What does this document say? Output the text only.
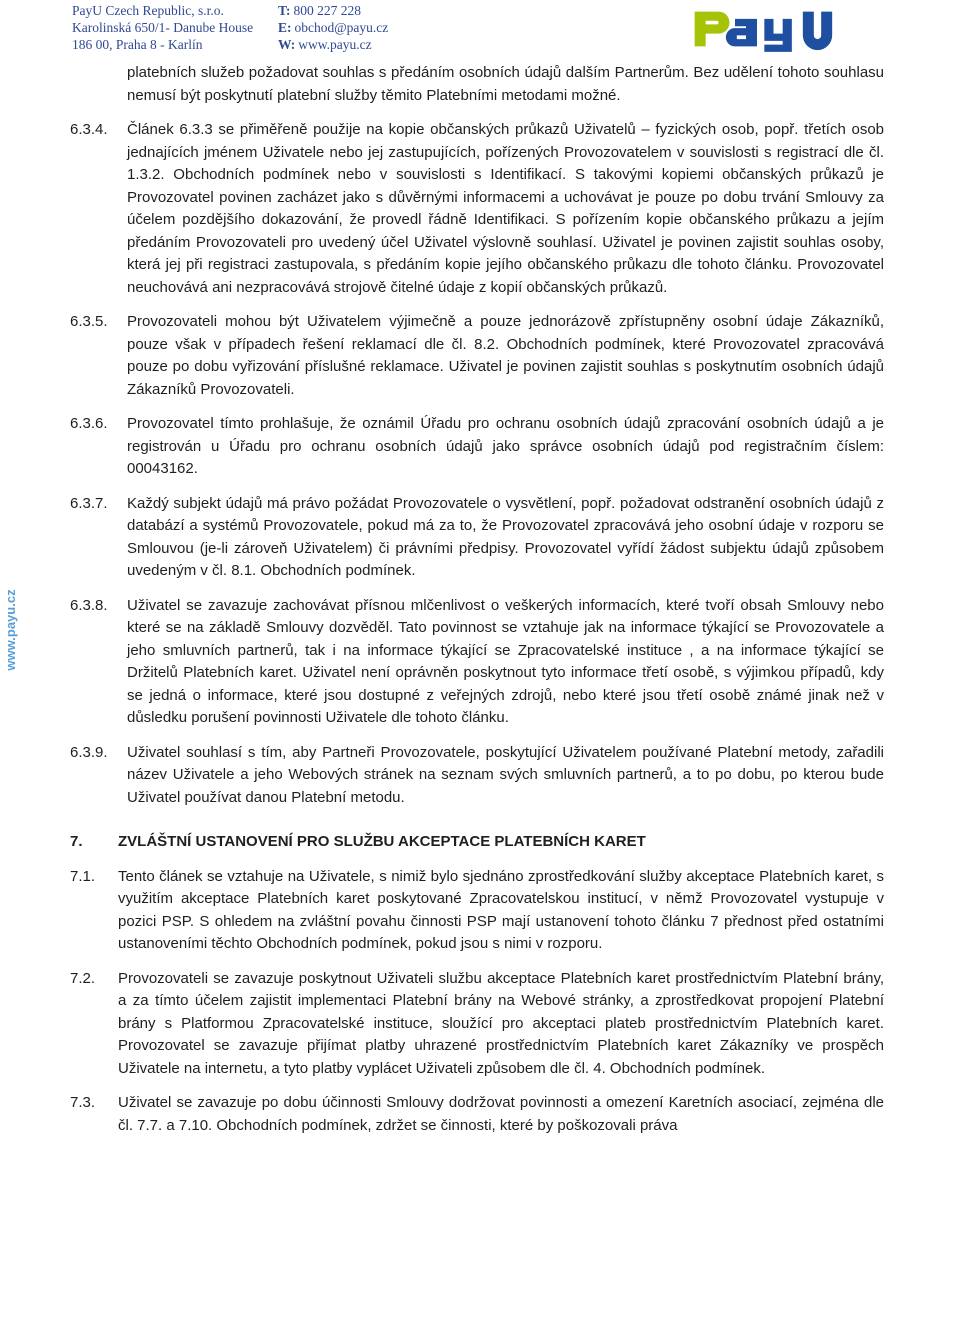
PayU Czech Republic, s.r.o.
Karolinská 650/1- Danube House
186 00, Praha 8 - Karlín
T: 800 227 228
E: obchod@payu.cz
W: www.payu.cz
www.payu.cz
platebních služeb požadovat souhlas s předáním osobních údajů dalším Partnerům. Bez udělení tohoto souhlasu nemusí být poskytnutí platební služby těmito Platebními metodami možné.
6.3.4.	Článek 6.3.3 se přiměřeně použije na kopie občanských průkazů Uživatelů – fyzických osob, popř. třetích osob jednajících jménem Uživatele nebo jej zastupujících, pořízených Provozovatelem v souvislosti s registrací dle čl. 1.3.2. Obchodních podmínek nebo v souvislosti s Identifikací. S takovými kopiemi občanských průkazů je Provozovatel povinen zacházet jako s důvěrnými informacemi a uchovávat je pouze po dobu trvání Smlouvy za účelem pozdějšího dokazování, že provedl řádně Identifikaci. S pořízením kopie občanského průkazu a jejím předáním Provozovateli pro uvedený účel Uživatel výslovně souhlasí. Uživatel je povinen zajistit souhlas osoby, která jej při registraci zastupovala, s předáním kopie jejího občanského průkazu dle tohoto článku. Provozovatel neuchovává ani nezpracovává strojově čitelné údaje z kopií občanských průkazů.
6.3.5.	Provozovateli mohou být Uživatelem výjimečně a pouze jednorázově zpřístupněny osobní údaje Zákazníků, pouze však v případech řešení reklamací dle čl. 8.2. Obchodních podmínek, které Provozovatel zpracovává pouze po dobu vyřizování příslušné reklamace. Uživatel je povinen zajistit souhlas s poskytnutím osobních údajů Zákazníků Provozovateli.
6.3.6.	Provozovatel tímto prohlašuje, že oznámil Úřadu pro ochranu osobních údajů zpracování osobních údajů a je registrován u Úřadu pro ochranu osobních údajů jako správce osobních údajů pod registračním číslem: 00043162.
6.3.7.	Každý subjekt údajů má právo požádat Provozovatele o vysvětlení, popř. požadovat odstranění osobních údajů z databází a systémů Provozovatele, pokud má za to, že Provozovatel zpracovává jeho osobní údaje v rozporu se Smlouvou (je-li zároveň Uživatelem) či právními předpisy. Provozovatel vyřídí žádost subjektu údajů způsobem uvedeným v čl. 8.1. Obchodních podmínek.
6.3.8.	Uživatel se zavazuje zachovávat přísnou mlčenlivost o veškerých informacích, které tvoří obsah Smlouvy nebo které se na základě Smlouvy dozvěděl. Tato povinnost se vztahuje jak na informace týkající se Provozovatele a jeho smluvních partnerů, tak i na informace týkající se Zpracovatelské instituce , a na informace týkající se Držitelů Platebních karet. Uživatel není oprávněn poskytnout tyto informace třetí osobě, s výjimkou případů, kdy se jedná o informace, které jsou dostupné z veřejných zdrojů, nebo které jsou třetí osobě známé jinak než v důsledku porušení povinnosti Uživatele dle tohoto článku.
6.3.9.	Uživatel souhlasí s tím, aby Partneři Provozovatele, poskytující Uživatelem používané Platební metody, zařadili název Uživatele a jeho Webových stránek na seznam svých smluvních partnerů, a to po dobu, po kterou bude Uživatel používat danou Platební metodu.
7.	ZVLÁŠTNÍ USTANOVENÍ PRO SLUŽBU AKCEPTACE PLATEBNÍCH KARET
7.1.	Tento článek se vztahuje na Uživatele, s nimiž bylo sjednáno zprostředkování služby akceptace Platebních karet, s využitím akceptace Platebních karet poskytované Zpracovatelskou institucí, v němž Provozovatel vystupuje v pozici PSP. S ohledem na zvláštní povahu činnosti PSP mají ustanovení tohoto článku 7 přednost před ostatními ustanoveními těchto Obchodních podmínek, pokud jsou s nimi v rozporu.
7.2.	Provozovateli se zavazuje poskytnout Uživateli službu akceptace Platebních karet prostřednictvím Platební brány, a za tímto účelem zajistit implementaci Platební brány na Webové stránky, a zprostředkovat propojení Platební brány s Platformou Zpracovatelské instituce, sloužící pro akceptaci plateb prostřednictvím Platebních karet. Provozovatel se zavazuje přijímat platby uhrazené prostřednictvím Platebních karet Zákazníky ve prospěch Uživatele na internetu, a tyto platby vyplácet Uživateli způsobem dle čl. 4. Obchodních podmínek.
7.3.	Uživatel se zavazuje po dobu účinnosti Smlouvy dodržovat povinnosti a omezení Karetních asociací, zejména dle čl. 7.7. a 7.10. Obchodních podmínek, zdržet se činnosti, které by poškozovali práva
